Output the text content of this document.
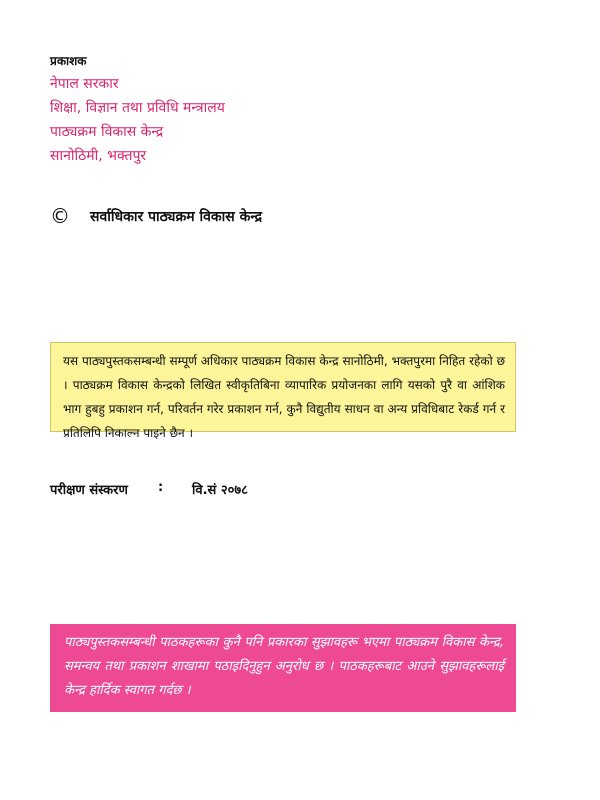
प्रकाशक
नेपाल सरकार
शिक्षा, विज्ञान तथा प्रविधि मन्त्रालय
पाठ्यक्रम विकास केन्द्र
सानोठिमी, भक्तपुर
©	सर्वाधिकार पाठ्यक्रम विकास केन्द्र
यस पाठ्यपुस्तकसम्बन्धी सम्पूर्ण अधिकार पाठ्यक्रम विकास केन्द्र सानोठिमी, भक्तपुरमा निहित रहेको छ । पाठ्यक्रम विकास केन्द्रको लिखित स्वीकृतिबिना व्यापारिक प्रयोजनका लागि यसको पुरै वा आंशिक भाग हुबहु प्रकाशन गर्न, परिवर्तन गरेर प्रकाशन गर्न, कुनै विद्युतीय साधन वा अन्य प्रविधिबाट रेकर्ड गर्न र प्रतिलिपि निकाल्न पाइने छैन ।
परीक्षण संस्करण	:	वि.सं २०७८
पाठ्यपुस्तकसम्बन्धी पाठकहरूका कुनै पनि प्रकारका सुझावहरू भएमा पाठ्यक्रम विकास केन्द्र, समन्वय तथा प्रकाशन शाखामा पठाइदिनुहुन अनुरोध छ । पाठकहरूबाट आउने सुझावहरूलाई केन्द्र हार्दिक स्वागत गर्दछ ।
